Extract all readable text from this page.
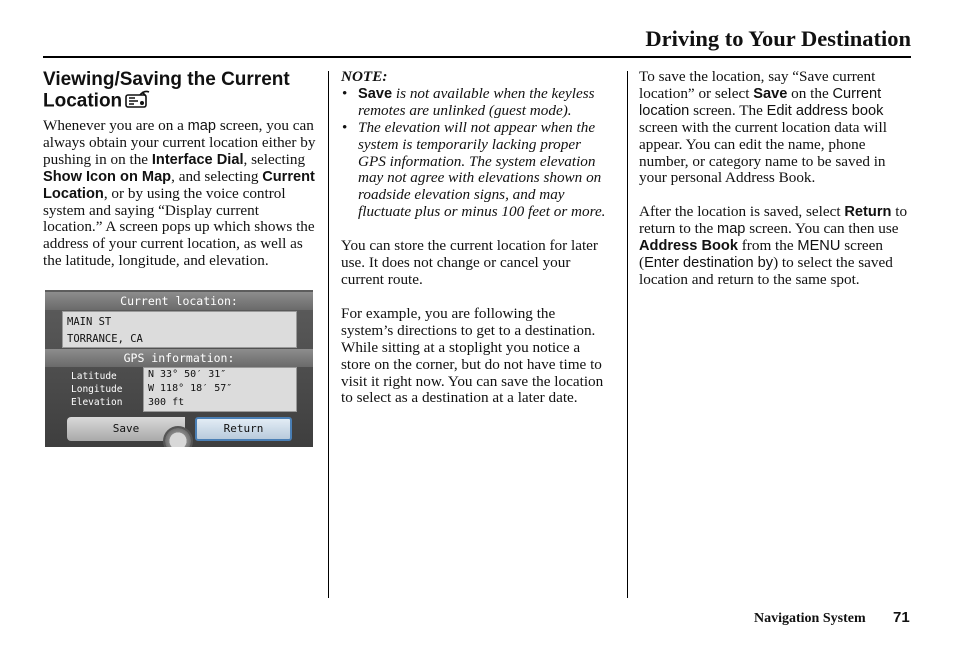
Driving to Your Destination
Viewing/Saving the Current Location

Whenever you are on a map screen, you can always obtain your current location either by pushing in on the Interface Dial, selecting Show Icon on Map, and selecting Current Location, or by using the voice control system and saying “Display current location.” A screen pops up which shows the address of your current location, as well as the latitude, longitude, and elevation.

Current location:
MAIN ST
TORRANCE, CA
GPS information:
Latitude
Longitude
Elevation
N 33° 50′ 31″
W 118° 18′ 57″
300 ft
Save	Return

NOTE:

• Save is not available when the keyless remotes are unlinked (guest mode).
• The elevation will not appear when the system is temporarily lacking proper GPS information. The system elevation may not agree with elevations shown on roadside elevation signs, and may fluctuate plus or minus 100 feet or more.

You can store the current location for later use. It does not change or cancel your current route.

For example, you are following the system’s directions to get to a destination. While sitting at a stoplight you notice a store on the corner, but do not have time to visit it right now. You can save the location to select as a destination at a later date.

To save the location, say “Save current location” or select Save on the Current location screen. The Edit address book screen with the current location data will appear. You can edit the name, phone number, or category name to be saved in your personal Address Book.

After the location is saved, select Return to return to the map screen. You can then use Address Book from the MENU screen (Enter destination by) to select the saved location and return to the same spot.

Navigation System 71
